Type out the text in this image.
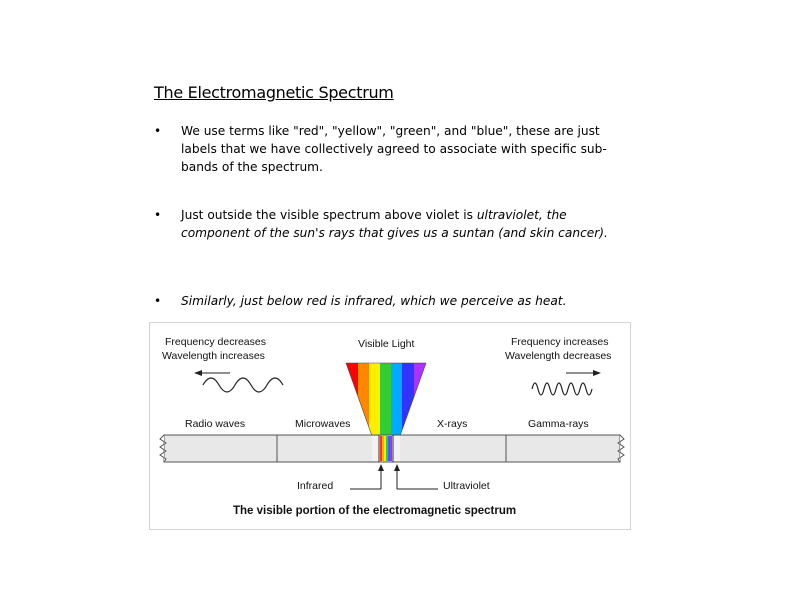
The Electromagnetic Spectrum
• We use terms like "red", "yellow", "green", and "blue", these are just labels that we have collectively agreed to associate with specific sub-bands of the spectrum.
• Just outside the visible spectrum above violet is ultraviolet, the component of the sun's rays that gives us a suntan (and skin cancer).
• Similarly, just below red is infrared, which we perceive as heat.
Frequency decreases
Wavelength increases
Frequency increases
Wavelength decreases
Visible Light
Radio waves	Microwaves	X-rays	Gamma-rays
Infrared	Ultraviolet
The visible portion of the electromagnetic spectrum
